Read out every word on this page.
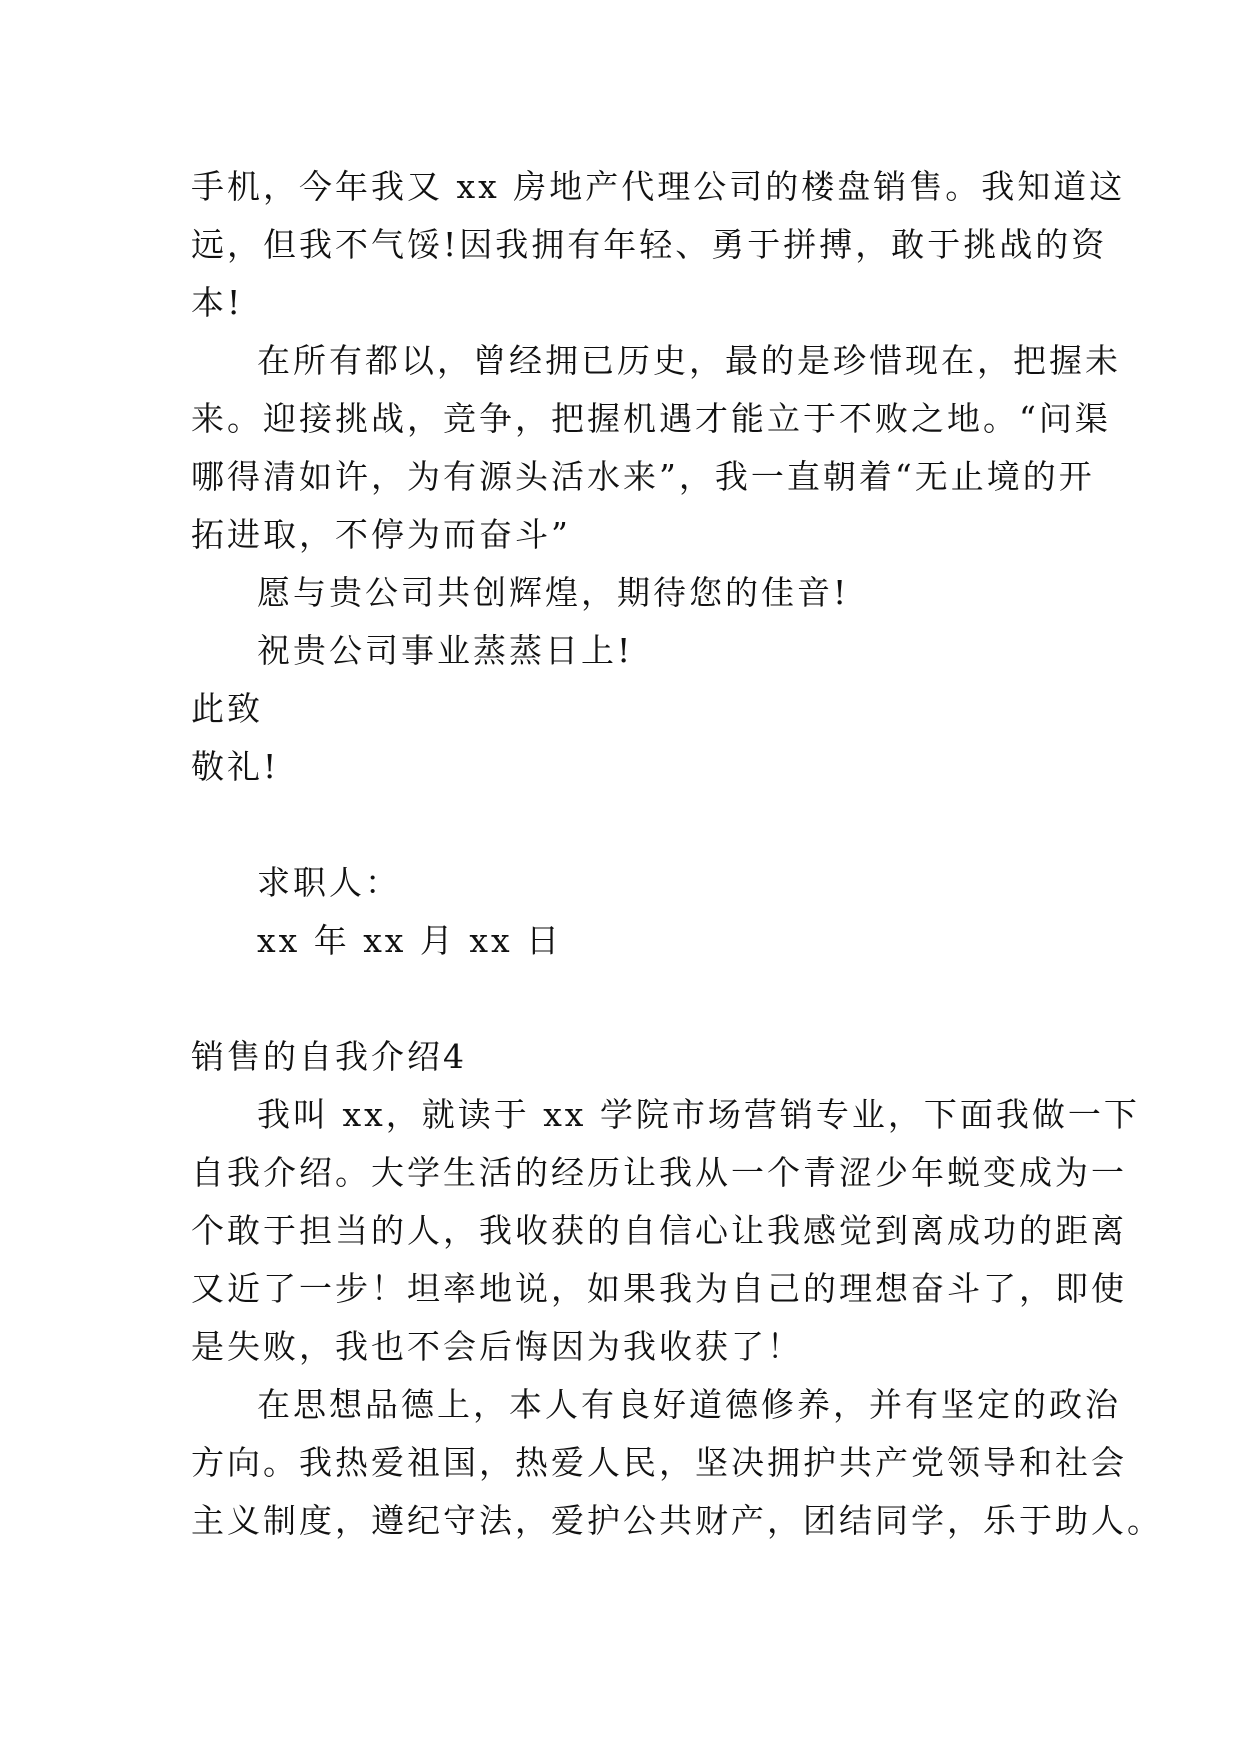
手机，今年我又 xx 房地产代理公司的楼盘销售。我知道这
远，但我不气馁!因我拥有年轻、勇于拼搏，敢于挑战的资
本!
在所有都以，曾经拥已历史，最的是珍惜现在，把握未
来。迎接挑战，竞争，把握机遇才能立于不败之地。“问渠
哪得清如许，为有源头活水来”，我一直朝着“无止境的开
拓进取，不停为而奋斗”
愿与贵公司共创辉煌，期待您的佳音!
祝贵公司事业蒸蒸日上!
此致
敬礼!
求职人：
xx 年 xx 月 xx 日
销售的自我介绍4
我叫 xx，就读于 xx 学院市场营销专业，下面我做一下
自我介绍。大学生活的经历让我从一个青涩少年蜕变成为一
个敢于担当的人，我收获的自信心让我感觉到离成功的距离
又近了一步！坦率地说，如果我为自己的理想奋斗了，即使
是失败，我也不会后悔因为我收获了！
在思想品德上，本人有良好道德修养，并有坚定的政治
方向。我热爱祖国，热爱人民，坚决拥护共产党领导和社会
主义制度，遵纪守法，爱护公共财产，团结同学，乐于助人。
